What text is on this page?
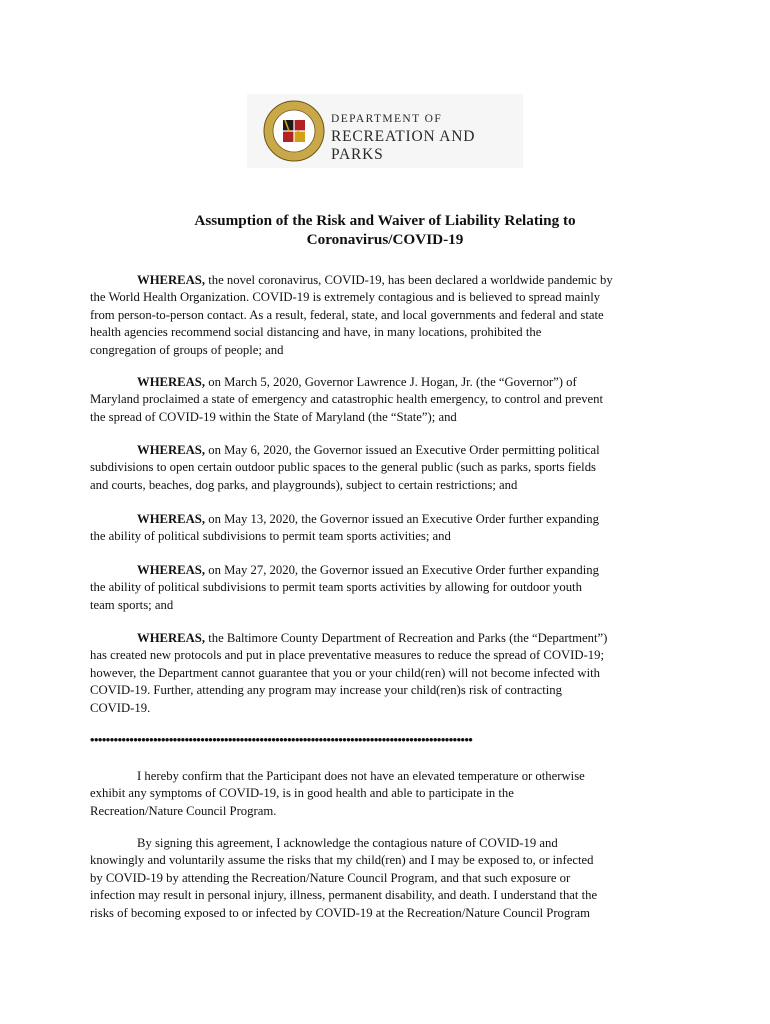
DEPARTMENT OF
RECREATION AND PARKS
Assumption of the Risk and Waiver of Liability Relating to
Coronavirus/COVID-19
WHEREAS, the novel coronavirus, COVID-19, has been declared a worldwide pandemic by
the World Health Organization. COVID-19 is extremely contagious and is believed to spread mainly
from person-to-person contact. As a result, federal, state, and local governments and federal and state
health agencies recommend social distancing and have, in many locations, prohibited the
congregation of groups of people; and
WHEREAS, on March 5, 2020, Governor Lawrence J. Hogan, Jr. (the “Governor”) of
Maryland proclaimed a state of emergency and catastrophic health emergency, to control and prevent
the spread of COVID-19 within the State of Maryland (the “State”); and
WHEREAS, on May 6, 2020, the Governor issued an Executive Order permitting political
subdivisions to open certain outdoor public spaces to the general public (such as parks, sports fields
and courts, beaches, dog parks, and playgrounds), subject to certain restrictions; and
WHEREAS, on May 13, 2020, the Governor issued an Executive Order further expanding
the ability of political subdivisions to permit team sports activities; and
WHEREAS, on May 27, 2020, the Governor issued an Executive Order further expanding
the ability of political subdivisions to permit team sports activities by allowing for outdoor youth
team sports; and
WHEREAS, the Baltimore County Department of Recreation and Parks (the “Department”)
has created new protocols and put in place preventative measures to reduce the spread of COVID-19;
however, the Department cannot guarantee that you or your child(ren) will not become infected with
COVID-19. Further, attending any program may increase your child(ren)s risk of contracting
COVID-19.
•••••••••••••••••••••••••••••••••••••••••••••••••••••••••••••••••••••••••••••••••••••••••••••••••
I hereby confirm that the Participant does not have an elevated temperature or otherwise
exhibit any symptoms of COVID-19, is in good health and able to participate in the
Recreation/Nature Council Program.
By signing this agreement, I acknowledge the contagious nature of COVID-19 and
knowingly and voluntarily assume the risks that my child(ren) and I may be exposed to, or infected
by COVID-19 by attending the Recreation/Nature Council Program, and that such exposure or
infection may result in personal injury, illness, permanent disability, and death. I understand that the
risks of becoming exposed to or infected by COVID-19 at the Recreation/Nature Council Program
